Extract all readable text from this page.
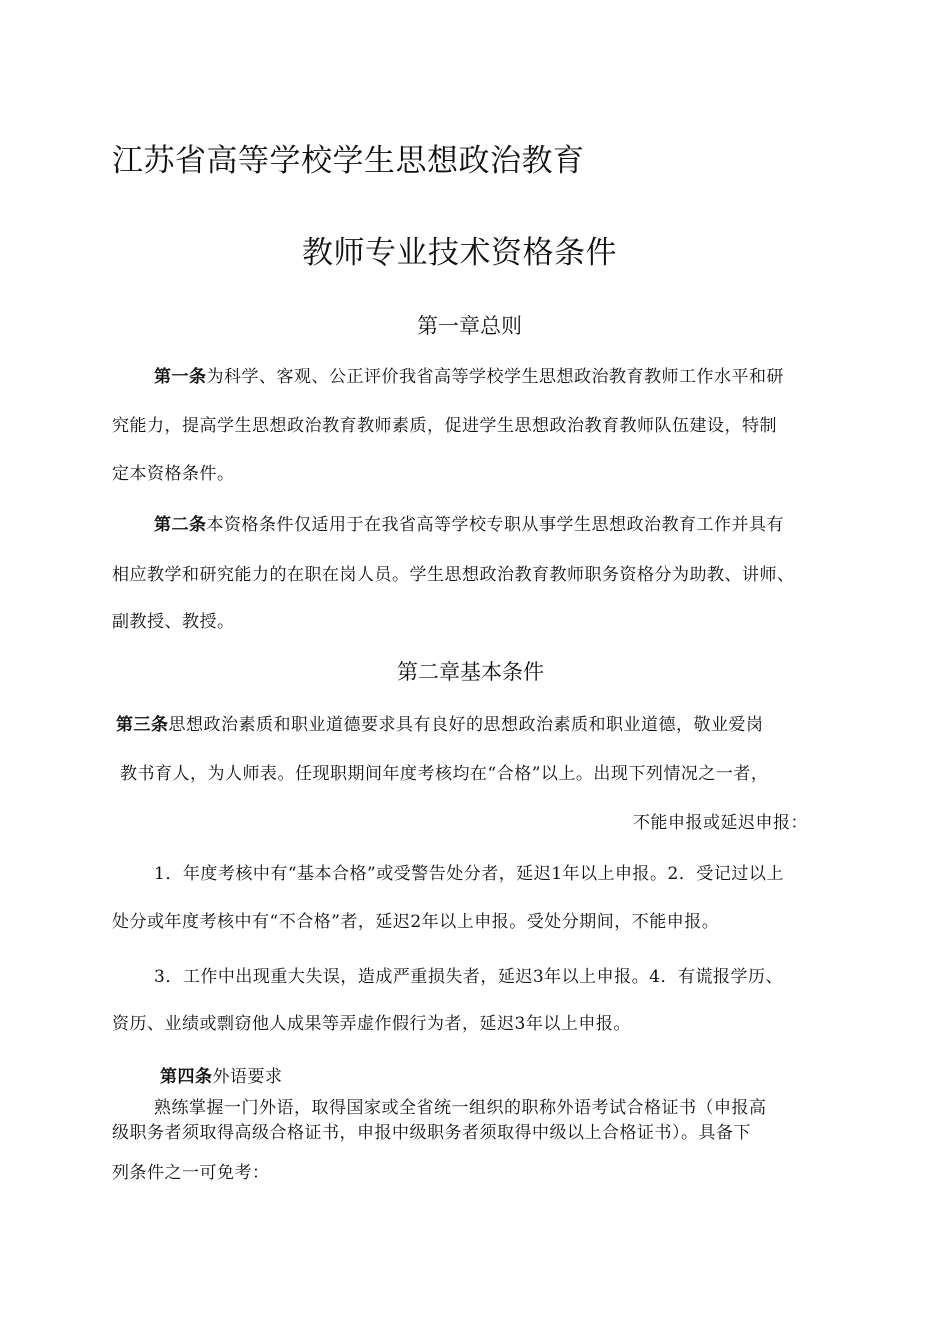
江苏省高等学校学生思想政治教育
教师专业技术资格条件
第一章总则
第一条为科学、客观、公正评价我省高等学校学生思想政治教育教师工作水平和研
究能力，提高学生思想政治教育教师素质，促进学生思想政治教育教师队伍建设，特制
定本资格条件。
第二条本资格条件仅适用于在我省高等学校专职从事学生思想政治教育工作并具有
相应教学和研究能力的在职在岗人员。学生思想政治教育教师职务资格分为助教、讲师、
副教授、教授。
第二章基本条件
第三条思想政治素质和职业道德要求具有良好的思想政治素质和职业道德，敬业爱岗
教书育人，为人师表。任现职期间年度考核均在“合格”以上。出现下列情况之一者，
不能申报或延迟申报：
1．年度考核中有“基本合格”或受警告处分者，延迟1年以上申报。2．受记过以上
处分或年度考核中有“不合格”者，延迟2年以上申报。受处分期间，不能申报。
3．工作中出现重大失误，造成严重损失者，延迟3年以上申报。4．有谎报学历、
资历、业绩或剽窃他人成果等弄虚作假行为者，延迟3年以上申报。
第四条外语要求
熟练掌握一门外语，取得国家或全省统一组织的职称外语考试合格证书（申报高
级职务者须取得高级合格证书，申报中级职务者须取得中级以上合格证书）。具备下
列条件之一可免考：
